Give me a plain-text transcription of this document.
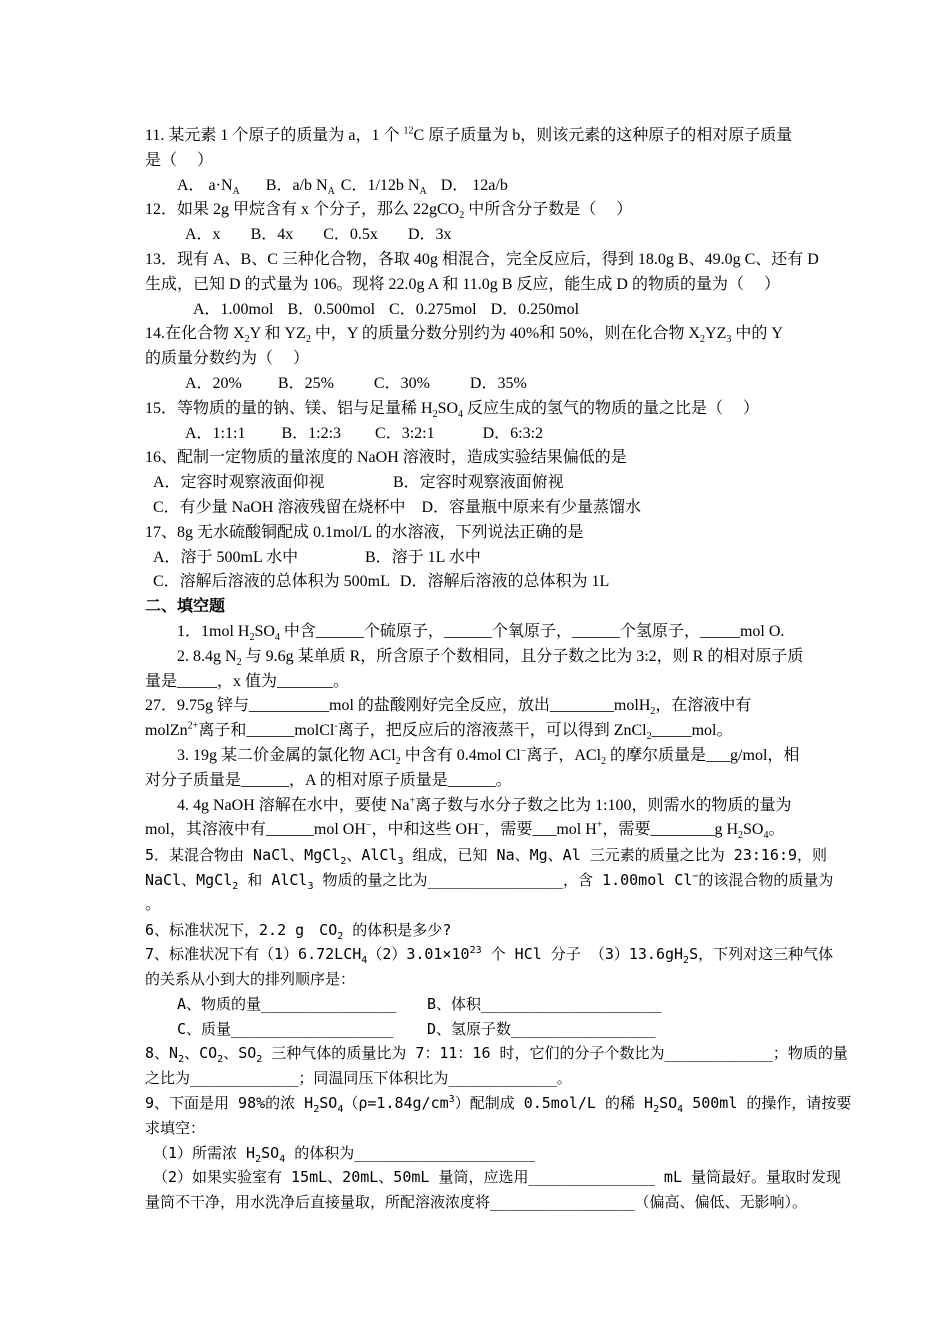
11. 某元素 1 个原子的质量为 a，1 个 $^{12}$C 原子质量为 b，则该元素的这种原子的相对原子质量
是（　 ）
A． $a\cdot N_A$ B．a/b $N_A$ C．1/12b $N_A$ D． 12a/b
12．如果 2g 甲烷含有 x 个分子，那么 22gCO$_2$ 中所含分子数是（　 ）
A．x B．4x C．0.5x D．3x
13．现有 A、B、C 三种化合物，各取 40g 相混合，完全反应后，得到 18.0g B、49.0g C、还有 D
生成，已知 D 的式量为 106。现将 22.0g A 和 11.0g B 反应，能生成 D 的物质的量为（　 ）
A．1.00mol B．0.500mol C．0.275mol D．0.250mol
14.在化合物 $X_2Y$ 和 $YZ_2$ 中，Y 的质量分数分别约为 40%和 50%，则在化合物 $X_2YZ_3$ 中的 Y
的质量分数约为（　 ）
A．20% B．25%	C．30%	D．35%
15．等物质的量的钠、镁、铝与足量稀 $H_2SO_4$ 反应生成的氢气的物质的量之比是（　 ）
A．1:1:1 B．1:2:3 C．3:2:1	D．6:3:2
16、配制一定物质的量浓度的 NaOH 溶液时，造成实验结果偏低的是
A．定容时观察液面仰视	B．定容时观察液面俯视
C．有少量 NaOH 溶液残留在烧杯中 D．容量瓶中原来有少量蒸馏水
17、8g 无水硫酸铜配成 0.1mol/L 的水溶液，下列说法正确的是
A．溶于 500mL 水中	B．溶于 1L 水中
C．溶解后溶液的总体积为 500mL D．溶解后溶液的总体积为 1L
二、填空题
1．1mol $H_2SO_4$ 中含______个硫原子，______个氧原子，______个氢原子，_____mol O.
2. 8.4g $N_2$ 与 9.6g 某单质 R，所含原子个数相同，且分子数之比为 3:2，则 R 的相对原子质
量是_____，x 值为_______。
27．9.75g 锌与__________mol 的盐酸刚好完全反应，放出________molH$_2$，在溶液中有
molZn$^{2+}$离子和______molCl-离子，把反应后的溶液蒸干，可以得到 ZnCl$_2$_____mol。
3. 19g 某二价金属的氯化物 ACl$_2$ 中含有 0.4mol Cl−离子，ACl$_2$ 的摩尔质量是___g/mol，相
对分子质量是______，A 的相对原子质量是______。
4. 4g NaOH 溶解在水中，要使 Na+离子数与水分子数之比为 1:100，则需水的物质的量为
mol，其溶液中有______mol OH−，中和这些 OH−，需要___mol H+，需要________g $H_2SO_4$。
5．某混合物由 NaCl、MgCl$_2$、AlCl$_3$ 组成，已知 Na、Mg、Al 三元素的质量之比为 23:16:9，则
NaCl、MgCl$_2$ 和 AlCl$_3$ 物质的量之比为_______________，含 1.00mol Cl−的该混合物的质量为
。
6、标准状况下，2.2 g　$CO_2$ 的体积是多少?
7、标准状况下有$(1)6.72LCH_4(2)3.01\times 10^{23}$ 个 HCl 分子 $(3)13.6gH_2S$，下列对这三种气体
的关系从小到大的排列顺序是：
A、物质的量_______________ B、体积____________________
C、质量__________________ D、氢原子数________________
8、$N_2$、$CO_2$、$SO_2$ 三种气体的质量比为 7：11：16 时，它们的分子个数比为____________；物质的量
之比为____________；同温同压下体积比为____________。
9、下面是用 98%的浓 $H_2SO_4(\rho=1.84g/cm^3)$配制成 0.5mol/L 的稀 $H_2SO_4$ 500ml 的操作，请按要
求填空：
（1）所需浓 $H_2SO_4$ 的体积为____________________
（2）如果实验室有 15mL、20mL、50mL 量筒，应选用______________ mL 量筒最好。量取时发现
量筒不干净，用水洗净后直接量取，所配溶液浓度将________________（偏高、偏低、无影响）。
